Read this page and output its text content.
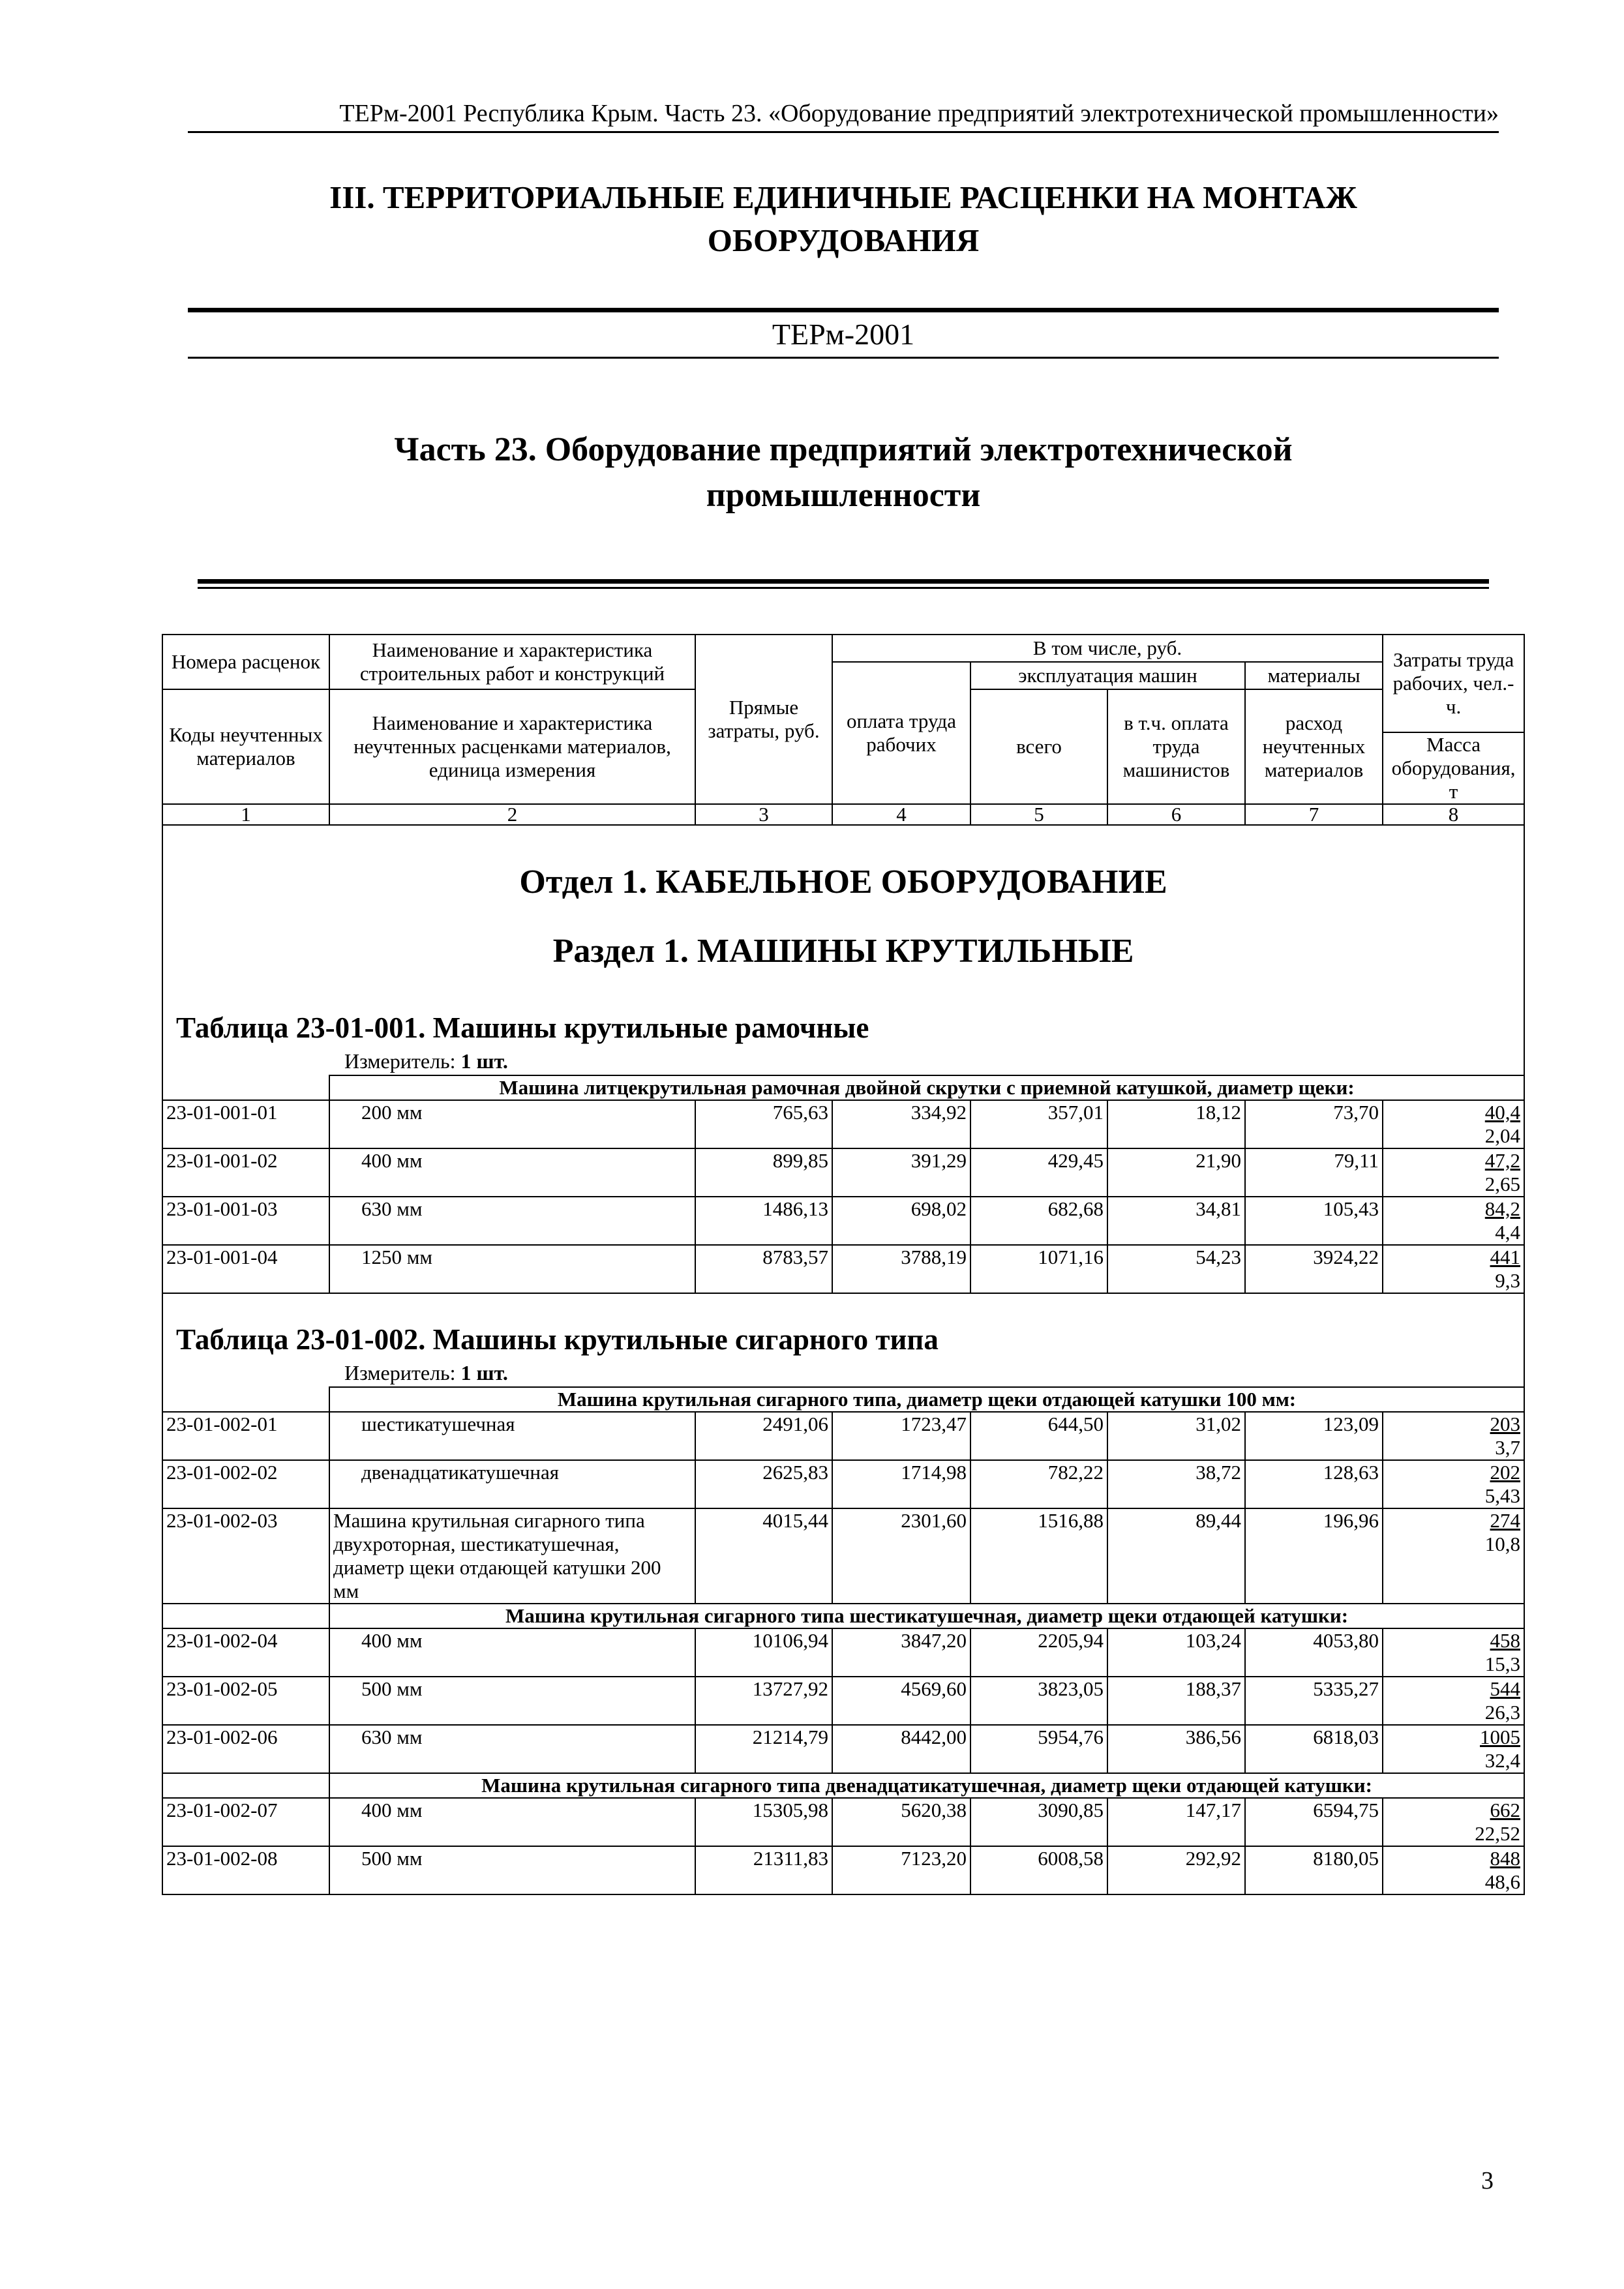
ТЕРм-2001 Республика Крым. Часть 23. «Оборудование предприятий электротехнической промышленности»
III. ТЕРРИТОРИАЛЬНЫЕ ЕДИНИЧНЫЕ РАСЦЕНКИ НА МОНТАЖ
ОБОРУДОВАНИЯ
ТЕРм-2001
Часть 23. Оборудование предприятий электротехнической
промышленности
Номера расценок	Наименование и характеристика строительных работ и конструкций	Прямые затраты, руб.	В том числе, руб.				Затраты труда рабочих, чел.-ч.
			оплата труда рабочих	эксплуатация машин		материалы	
Коды неучтенных материалов	Наименование и характеристика неучтенных расценками материалов, единица измерения			всего	в т.ч. оплата труда машинистов	расход неучтенных материалов	
							Масса оборудования, т
1	2	3	4	5	6	7	8

Отдел 1. КАБЕЛЬНОЕ ОБОРУДОВАНИЕ
Раздел 1. МАШИНЫ КРУТИЛЬНЫЕ
Таблица 23-01-001. Машины крутильные рамочные
Измеритель: 1 шт.							

	Машина литцекрутильная рамочная двойной скрутки с приемной катушкой, диаметр щеки:						
23-01-001-01	200 мм	765,63	334,92	357,01	18,12	73,70	40,4
2,04

23-01-001-02	400 мм	899,85	391,29	429,45	21,90	79,11	47,2
2,65

23-01-001-03	630 мм	1486,13	698,02	682,68	34,81	105,43	84,2
4,4

23-01-001-04	1250 мм	8783,57	3788,19	1071,16	54,23	3924,22	441
9,3

Таблица 23-01-002. Машины крутильные сигарного типа
Измеритель: 1 шт.							

	Машина крутильная сигарного типа, диаметр щеки отдающей катушки 100 мм:						
23-01-002-01	шестикатушечная	2491,06	1723,47	644,50	31,02	123,09	203
3,7

23-01-002-02	двенадцатикатушечная	2625,83	1714,98	782,22	38,72	128,63	202
5,43

23-01-002-03	Машина крутильная сигарного типа двухроторная, шестикатушечная, диаметр щеки отдающей катушки 200 мм	4015,44	2301,60	1516,88	89,44	196,96	274
10,8

	Машина крутильная сигарного типа шестикатушечная, диаметр щеки отдающей катушки:						
23-01-002-04	400 мм	10106,94	3847,20	2205,94	103,24	4053,80	458
15,3

23-01-002-05	500 мм	13727,92	4569,60	3823,05	188,37	5335,27	544
26,3

23-01-002-06	630 мм	21214,79	8442,00	5954,76	386,56	6818,03	1005
32,4

	Машина крутильная сигарного типа двенадцатикатушечная, диаметр щеки отдающей катушки:						
23-01-002-07	400 мм	15305,98	5620,38	3090,85	147,17	6594,75	662
22,52

23-01-002-08	500 мм	21311,83	7123,20	6008,58	292,92	8180,05	848
48,6
3
